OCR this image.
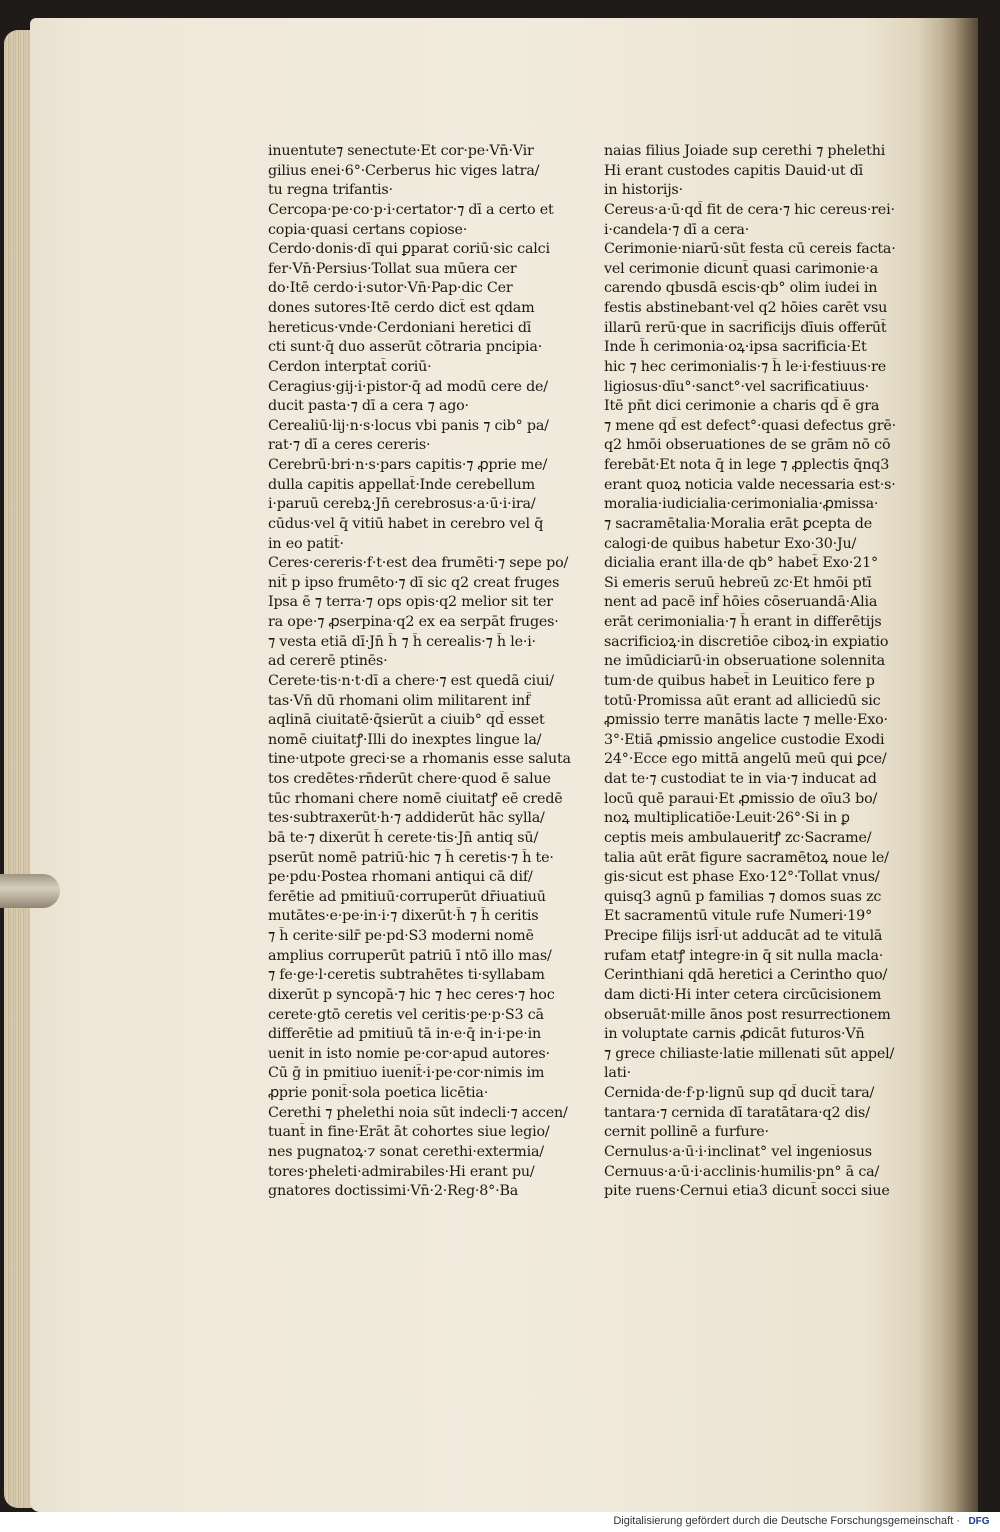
inuentute⁊ senectute·Et cor·pe·Vn̄·Vir
gilius enei·6°·Cerberus hic viges latra/
tu regna trifantis·
Cercopa·pe·co·p·i·certator·⁊ dī a certo et
copia·quasi certans copiose·
Cerdo·donis·dī qui ꝑparat coriū·sic calci
fer·Vn̄·Persius·Tollat sua mūera cer
do·Itē cerdo·i·sutor·Vn̄·Pap·dic Cer
dones sutores·Itē cerdo dict̄ est qdam
hereticus·vnde·Cerdoniani heretici dī
cti sunt·q̄ duo asserūt cōtraria pncipia·
Cerdon interptat̄ coriū·
Ceragius·gij·i·pistor·q̄ ad modū cere de/
ducit pasta·⁊ dī a cera ⁊ ago·
Cerealiū·lij·n·s·locus vbi panis ⁊ cib° pa/
rat·⁊ dī a ceres cereris·
Cerebrū·bri·n·s·pars capitis·⁊ ꝓprie me/
dulla capitis appellat̄·Inde cerebellum
i·paruū cerebꝝ·Jn̄ cerebrosus·a·ū·i·ira/
cūdus·vel q̄ vitiū habet in cerebro vel q̄
in eo patit̄·
Ceres·cereris·f·t·est dea frumēti·⁊ sepe po/
nit̄ p ipso frumēto·⁊ dī sic q2 creat fruges
Ipsa ē ⁊ terra·⁊ ops opis·q2 melior sit ter
ra ope·⁊ ꝓserpina·q2 ex ea serpāt fruges·
⁊ vesta etiā dī·Jn̄ h̄ ⁊ h̄ cerealis·⁊ h̄ le·i·
ad cererē ptinēs·
Cerete·tis·n·t·dī a chere·⁊ est quedā ciui/
tas·Vn̄ dū rhomani olim militarent inf̄
aqlinā ciuitatē·q̄sierūt a ciuib° qd̄ esset
nomē ciuitatꝭ·Illi do inexptes lingue la/
tine·utpote greci·se a rhomanis esse saluta
tos credētes·rn̄derūt chere·quod ē salue
tūc rhomani chere nomē ciuitatꝭ eē credē
tes·subtraxerūt·h·⁊ addiderūt hāc sylla/
bā te·⁊ dixerūt h̄ cerete·tis·Jn̄ antiq sū/
pserūt nomē patriū·hic ⁊ h̄ ceretis·⁊ h̄ te·
pe·pdu·Postea rhomani antiqui cā dif/
ferētie ad pmitiuū·corruperūt dr̄iuatiuū
mutātes·e·pe·in·i·⁊ dixerūt·h̄ ⁊ h̄ ceritis
⁊ h̄ cerite·silr̄ pe·pd·S3 moderni nomē
amplius corruperūt patriū ī ntō illo mas/
⁊ fe·ge·l·ceretis subtrahētes ti·syllabam
dixerūt p syncopā·⁊ hic ⁊ hec ceres·⁊ hoc
cerete·gtō ceretis vel ceritis·pe·p·S3 cā
differētie ad pmitiuū tā in·e·q̄ in·i·pe·in
uenit in isto nomie pe·cor·apud autores·
Cū ḡ in pmitiuo iuenit̄·i·pe·cor·nimis im
ꝓprie ponit̄·sola poetica licētia·
Cerethi ⁊ phelethi noia sūt indecli·⁊ accen/
tuant̄ in fine·Erāt āt cohortes siue legio/
nes pugnatoꝝ·⁊ sonat cerethi·extermia/
tores·pheleti·admirabiles·Hi erant pu/
gnatores doctissimi·Vn̄·2·Reg·8°·Ba
naias filius Joiade sup cerethi ⁊ phelethi
Hi erant custodes capitis Dauid·ut dī
in historijs·
Cereus·a·ū·qd̄ fit de cera·⁊ hic cereus·rei·
i·candela·⁊ dī a cera·
Cerimonie·niarū·sūt festa cū cereis facta·
vel cerimonie dicunt̄ quasi carimonie·a
carendo qbusdā escis·qb° olim iudei in
festis abstinebant·vel q2 hōies carēt vsu
illarū rerū·que in sacrificijs dīuis offerūt̄
Inde h̄ cerimonia·oꝝ·ipsa sacrificia·Et
hic ⁊ hec cerimonialis·⁊ h̄ le·i·festiuus·re
ligiosus·dīu°·sanct°·vel sacrificatiuus·
Itē pn̄t dici cerimonie a charis qd̄ ē gra
⁊ mene qd̄ est defect°·quasi defectus grē·
q2 hmōi obseruationes de se grām nō cō
ferebāt·Et nota q̄ in lege ⁊ ꝓplectis q̄nq3
erant quoꝝ noticia valde necessaria est·s·
moralia·iudicialia·cerimonialia·ꝓmissa·
⁊ sacramētalia·Moralia erāt ꝑcepta de
calogi·de quibus habetur Exo·30·Ju/
dicialia erant illa·de qb° habet̄ Exo·21°
Si emeris seruū hebreū zc·Et hmōi ptī
nent ad pacē inf̄ hōies cōseruandā·Alia
erāt cerimonialia·⁊ h̄ erant in differētijs
sacrificioꝝ·in discretiōe ciboꝝ·in expiatio
ne imūdiciarū·in obseruatione solennita
tum·de quibus habet̄ in Leuitico fere p
totū·Promissa aūt erant ad alliciedū sic
ꝓmissio terre manātis lacte ⁊ melle·Exo·
3°·Etiā ꝓmissio angelice custodie Exodi
24°·Ecce ego mittā angelū meū qui ꝑce/
dat te·⁊ custodiat te in via·⁊ inducat ad
locū quē paraui·Et ꝓmissio de oīu3 bo/
noꝝ multiplicatiōe·Leuit·26°·Si in ꝑ
ceptis meis ambulaueritꝭ zc·Sacrame/
talia aūt erāt figure sacramētoꝝ noue le/
gis·sicut est phase Exo·12°·Tollat vnus/
quisq3 agnū p familias ⁊ domos suas zc
Et sacramentū vitule rufe Numeri·19°
Precipe filijs isrl̄·ut adducāt ad te vitulā
rufam etatꝭ integre·in q̄ sit nulla macla·
Cerinthiani qdā heretici a Cerintho quo/
dam dicti·Hi inter cetera circūcisionem
obseruāt·mille ānos post resurrectionem
in voluptate carnis ꝓdicāt futuros·Vn̄
⁊ grece chiliaste·latie millenati sūt appel/
lati·
Cernida·de·f·p·lignū sup qd̄ ducit̄ tara/
tantara·⁊ cernida dī taratātara·q2 dis/
cernit pollinē a furfure·
Cernulus·a·ū·i·inclinat° vel ingeniosus
Cernuus·a·ū·i·acclinis·humilis·pn° ā ca/
pite ruens·Cernui etia3 dicunt̄ socci siue
Digitalisierung gefördert durch die Deutsche Forschungsgemeinschaft · DFG
